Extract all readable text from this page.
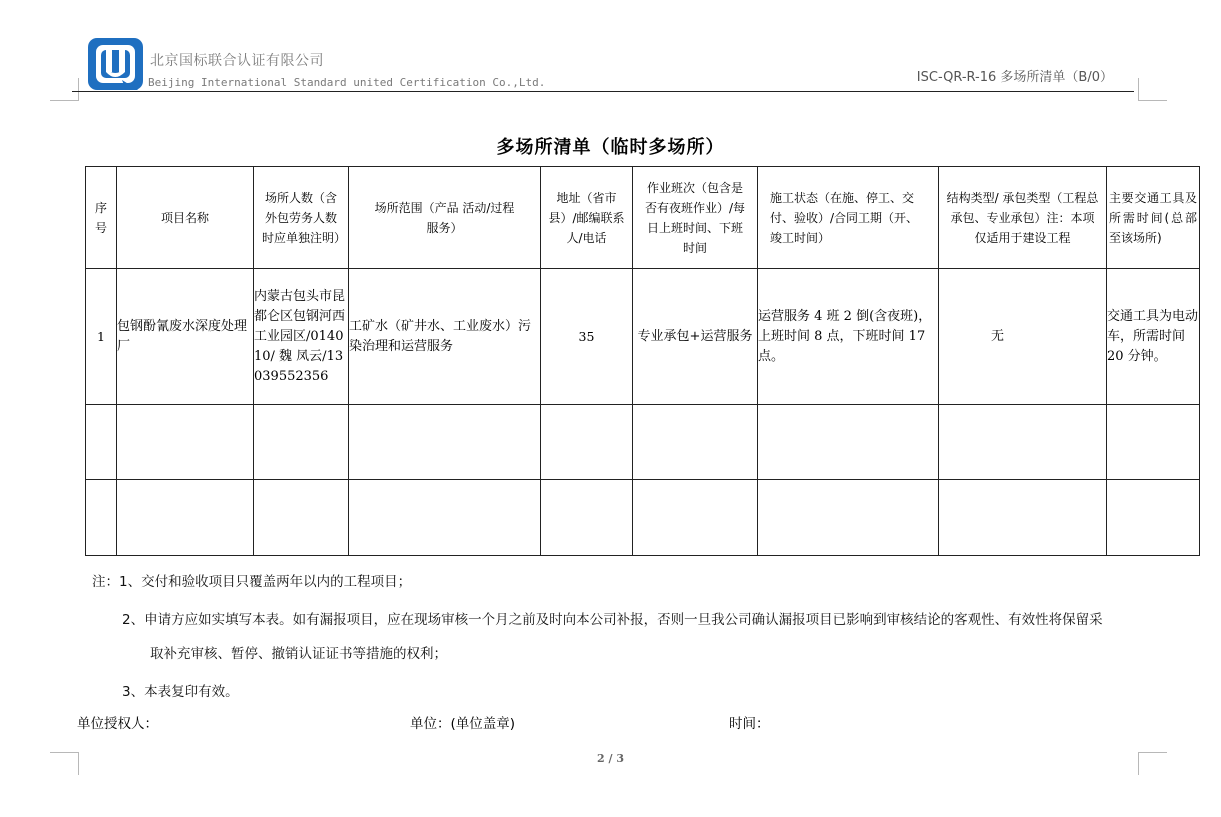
北京国标联合认证有限公司
Beijing International Standard united Certification Co.,Ltd.	ISC-QR-R-16 多场所清单（B/0）
多场所清单（临时多场所）
序号	项目名称	场所人数（含外包劳务人数时应单独注明）	场所范围（产品 活动/过程服务）	地址（省市县）/邮编联系人/电话	作业班次（包含是否有夜班作业）/每日上班时间、下班时间	施工状态（在施、停工、交付、验收）/合同工期（开、竣工时间）	结构类型/ 承包类型（工程总承包、专业承包）注：本项仅适用于建设工程	主要交通工具及所需时间(总部至该场所)
1	包钢酚氰废水深度处理厂	内蒙古包头市昆都仑区包钢河西工业园区/014010/ 魏 凤云/13039552356	工矿水（矿井水、工业废水）污染治理和运营服务	35	专业承包+运营服务	运营服务 4 班 2 倒(含夜班)，上班时间 8 点，下班时间 17点。	无	交通工具为电动车，所需时间 20 分钟。

注：1、交付和验收项目只覆盖两年以内的工程项目；
2、申请方应如实填写本表。如有漏报项目，应在现场审核一个月之前及时向本公司补报，否则一旦我公司确认漏报项目已影响到审核结论的客观性、有效性将保留采
取补充审核、暂停、撤销认证证书等措施的权利；
3、本表复印有效。
单位授权人：	单位：(单位盖章)	时间：
2 / 3
